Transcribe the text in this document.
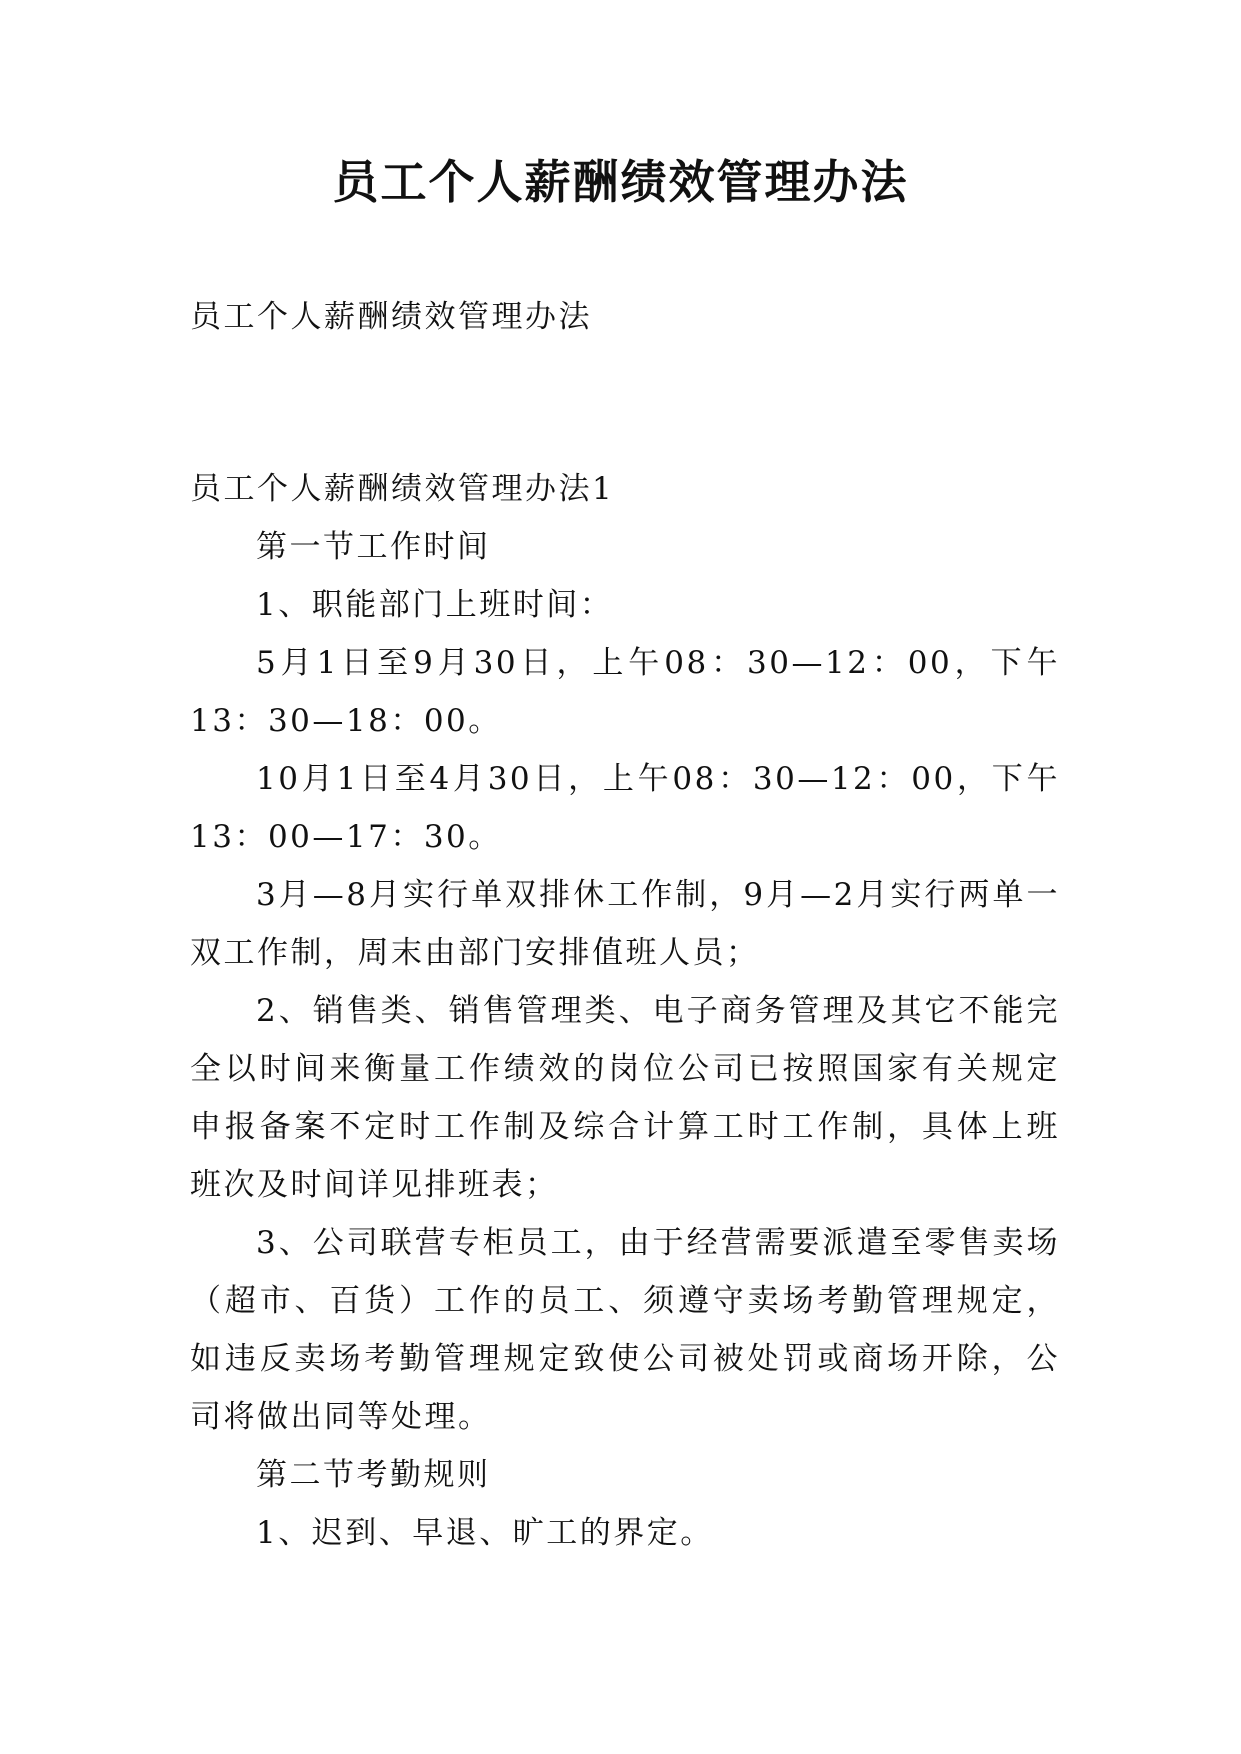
员工个人薪酬绩效管理办法

员工个人薪酬绩效管理办法

员工个人薪酬绩效管理办法1

第一节工作时间

1、职能部门上班时间：

5月1日至9月30日，上午08：30—12：00，下午13：30—18：00。

10月1日至4月30日，上午08：30—12：00，下午13：00—17：30。

3月—8月实行单双排休工作制，9月—2月实行两单一双工作制，周末由部门安排值班人员；

2、销售类、销售管理类、电子商务管理及其它不能完全以时间来衡量工作绩效的岗位公司已按照国家有关规定申报备案不定时工作制及综合计算工时工作制，具体上班班次及时间详见排班表；

3、公司联营专柜员工，由于经营需要派遣至零售卖场（超市、百货）工作的员工、须遵守卖场考勤管理规定，如违反卖场考勤管理规定致使公司被处罚或商场开除，公司将做出同等处理。

第二节考勤规则

1、迟到、早退、旷工的界定。
